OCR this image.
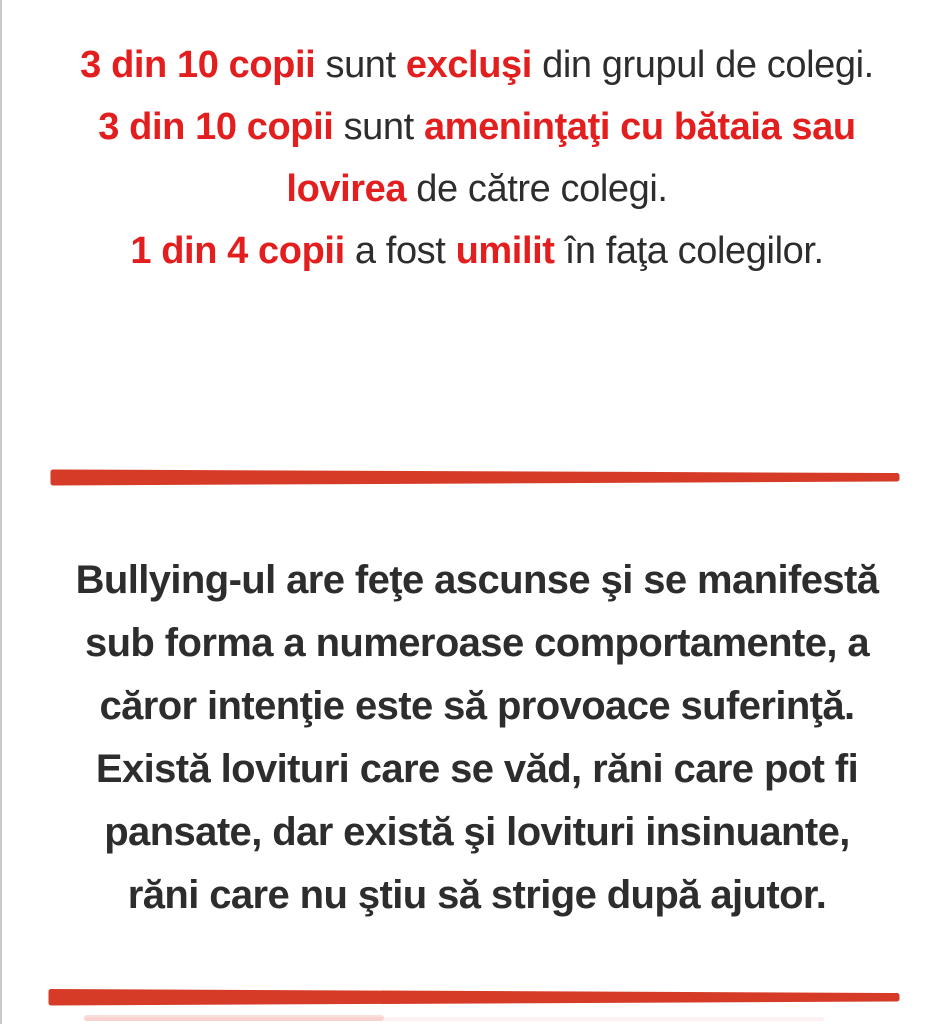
3 din 10 copii sunt excluşi din grupul de colegi.
3 din 10 copii sunt ameninţaţi cu bătaia sau
lovirea de către colegi.
1 din 4 copii a fost umilit în faţa colegilor.
Bullying-ul are feţe ascunse şi se manifestă
sub forma a numeroase comportamente, a
căror intenţie este să provoace suferinţă.
Există lovituri care se văd, răni care pot fi
pansate, dar există şi lovituri insinuante,
răni care nu ştiu să strige după ajutor.
